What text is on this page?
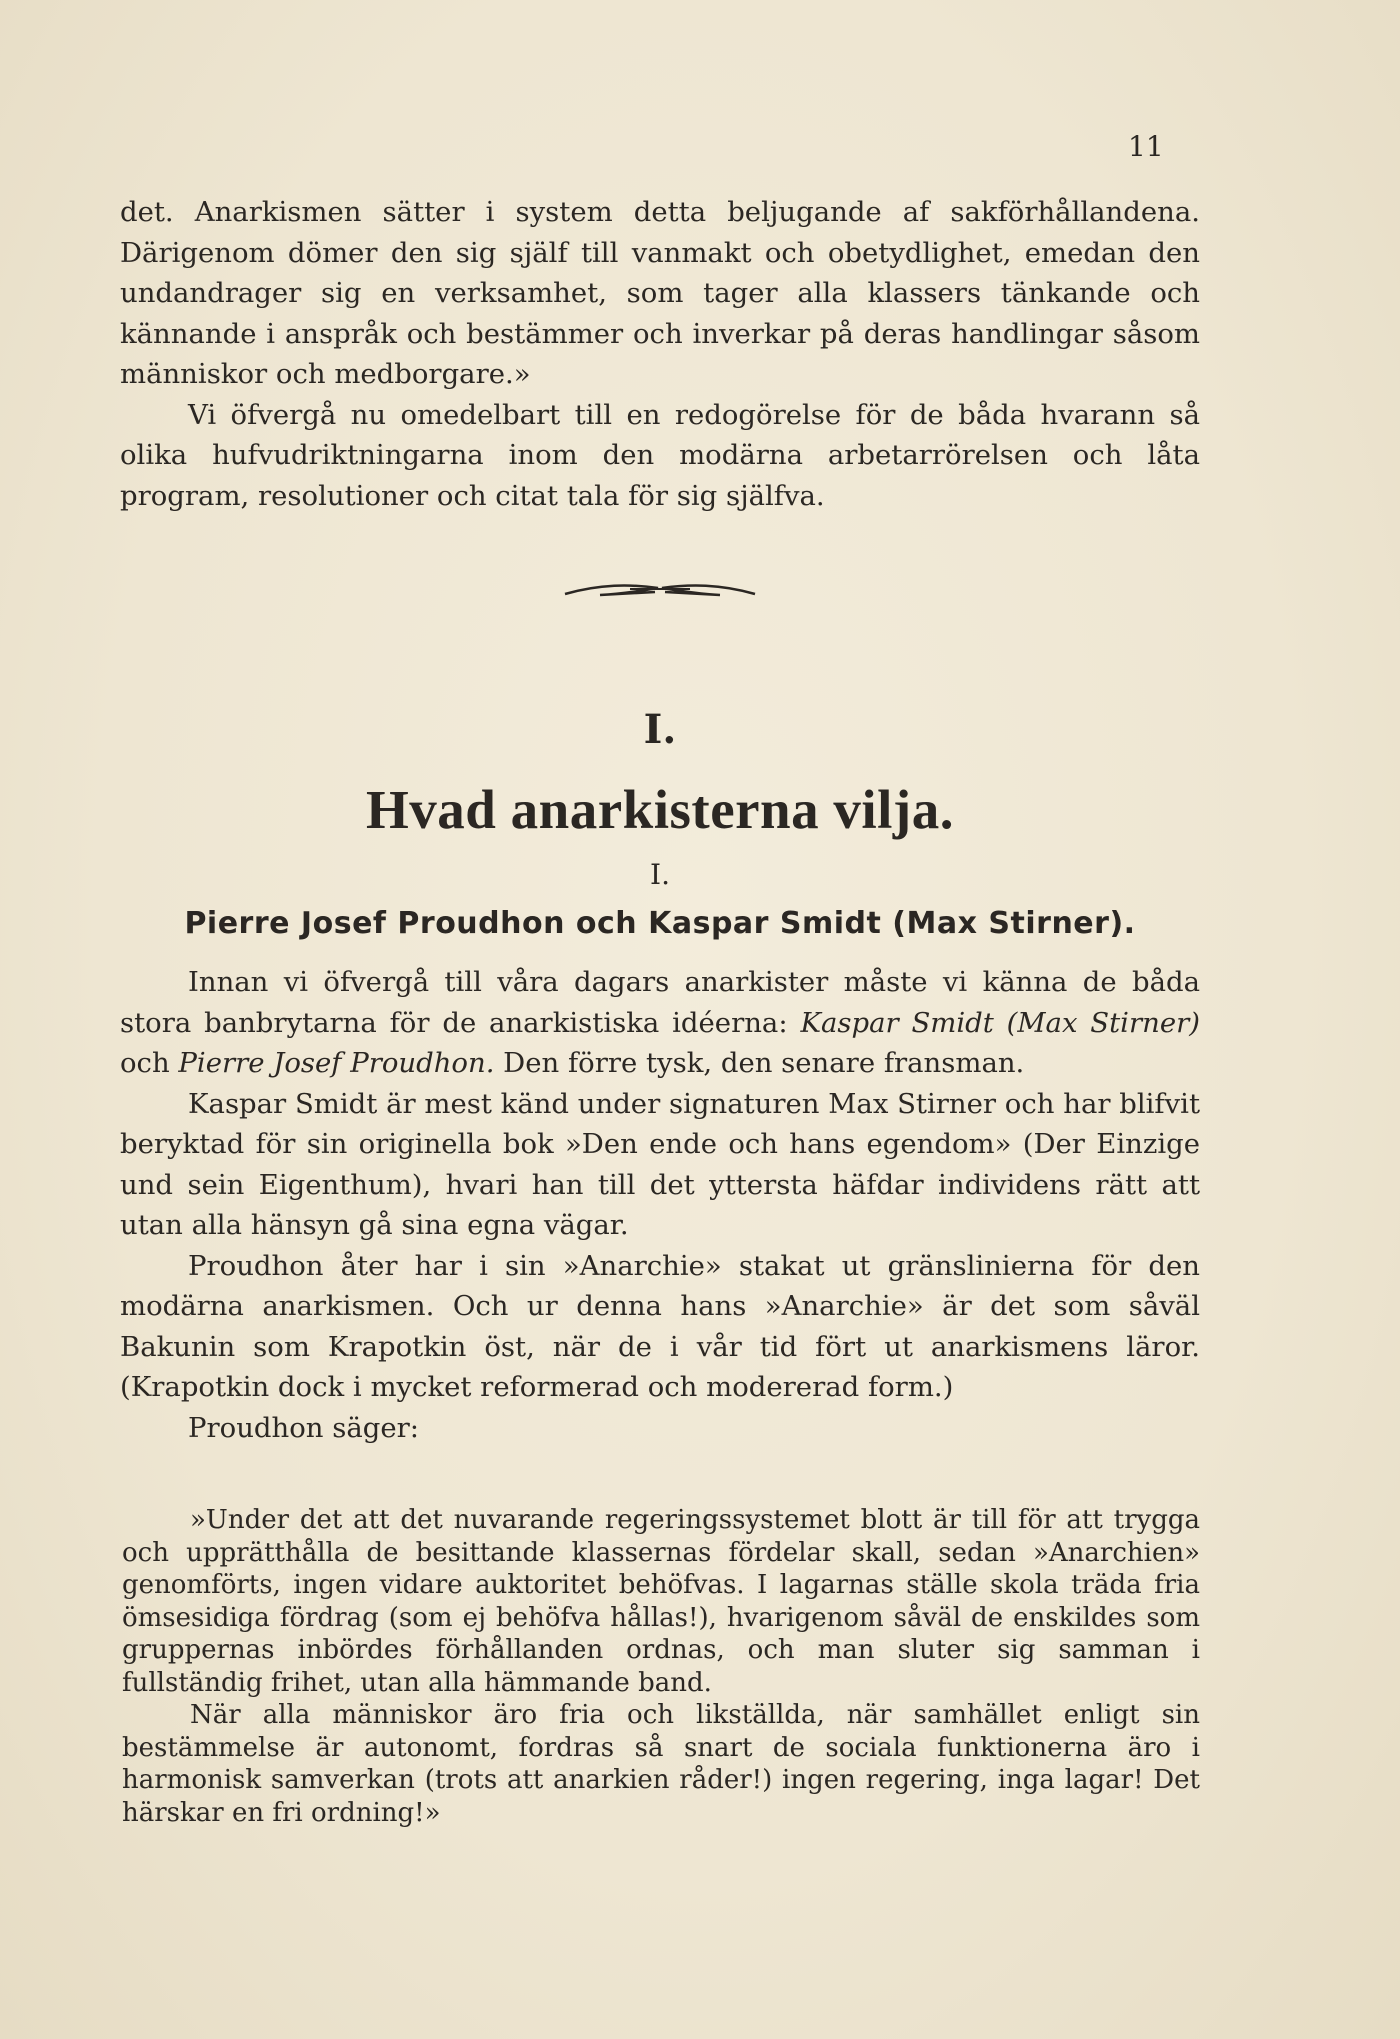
11

det. Anarkismen sätter i system detta beljugande af sakförhållandena. Därigenom dömer den sig själf till vanmakt och obetydlighet, emedan den undandrager sig en verksamhet, som tager alla klassers tänkande och kännande i anspråk och bestämmer och inverkar på deras handlingar såsom människor och medborgare.»

Vi öfvergå nu omedelbart till en redogörelse för de båda hvarann så olika hufvudriktningarna inom den modärna arbetarrörelsen och låta program, resolutioner och citat tala för sig själfva.

I.
Hvad anarkisterna vilja.
I.
Pierre Josef Proudhon och Kaspar Smidt (Max Stirner).

Innan vi öfvergå till våra dagars anarkister måste vi känna de båda stora banbrytarna för de anarkistiska idéerna: Kaspar Smidt (Max Stirner) och Pierre Josef Proudhon. Den förre tysk, den senare fransman.

Kaspar Smidt är mest känd under signaturen Max Stirner och har blifvit beryktad för sin originella bok »Den ende och hans egendom» (Der Einzige und sein Eigenthum), hvari han till det yttersta häfdar individens rätt att utan alla hänsyn gå sina egna vägar.

Proudhon åter har i sin »Anarchie» stakat ut gränslinierna för den modärna anarkismen. Och ur denna hans »Anarchie» är det som såväl Bakunin som Krapotkin öst, när de i vår tid fört ut anarkismens läror. (Krapotkin dock i mycket reformerad och modererad form.)

Proudhon säger:

»Under det att det nuvarande regeringssystemet blott är till för att trygga och upprätthålla de besittande klassernas fördelar skall, sedan »Anarchien» genomförts, ingen vidare auktoritet behöfvas. I lagarnas ställe skola träda fria ömsesidiga fördrag (som ej behöfva hållas!), hvarigenom såväl de enskildes som gruppernas inbördes förhållanden ordnas, och man sluter sig samman i fullständig frihet, utan alla hämmande band.

När alla människor äro fria och likställda, när samhället enligt sin bestämmelse är autonomt, fordras så snart de sociala funktionerna äro i harmonisk samverkan (trots att anarkien råder!) ingen regering, inga lagar! Det härskar en fri ordning!»
